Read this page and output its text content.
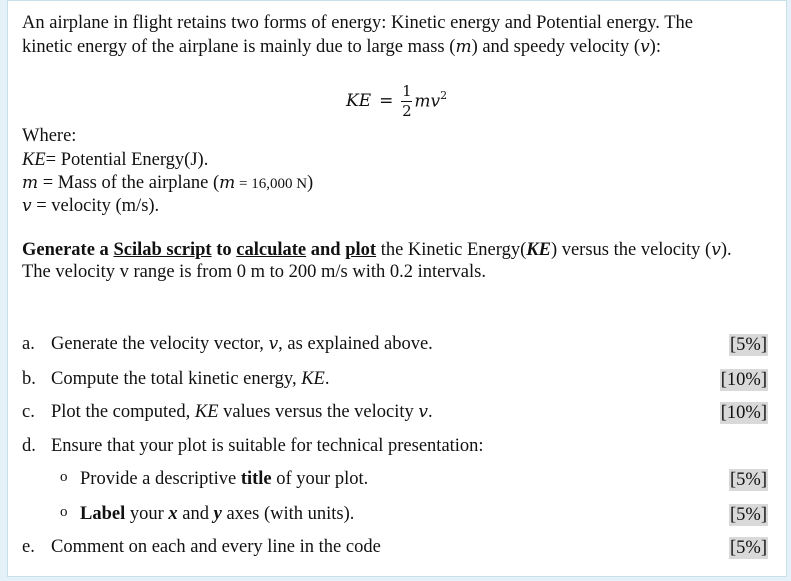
An airplane in flight retains two forms of energy: Kinetic energy and Potential energy. The
kinetic energy of the airplane is mainly due to large mass (m) and speedy velocity (v):
KE = $\frac{1}{2} mv^2$
Where:
KE= Potential Energy(J).
m = Mass of the airplane (m = 16,000 N)
v = velocity (m/s).
Generate a Scilab script to calculate and plot the Kinetic Energy(KE) versus the velocity (v).
The velocity v range is from 0 m to 200 m/s with 0.2 intervals.
a. Generate the velocity vector, v, as explained above.	[5%]
b. Compute the total kinetic energy, KE.	[10%]
c. Plot the computed, KE values versus the velocity v.	[10%]
d. Ensure that your plot is suitable for technical presentation:
o Provide a descriptive title of your plot.	[5%]
o Label your x and y axes (with units).	[5%]
e. Comment on each and every line in the code	[5%]
